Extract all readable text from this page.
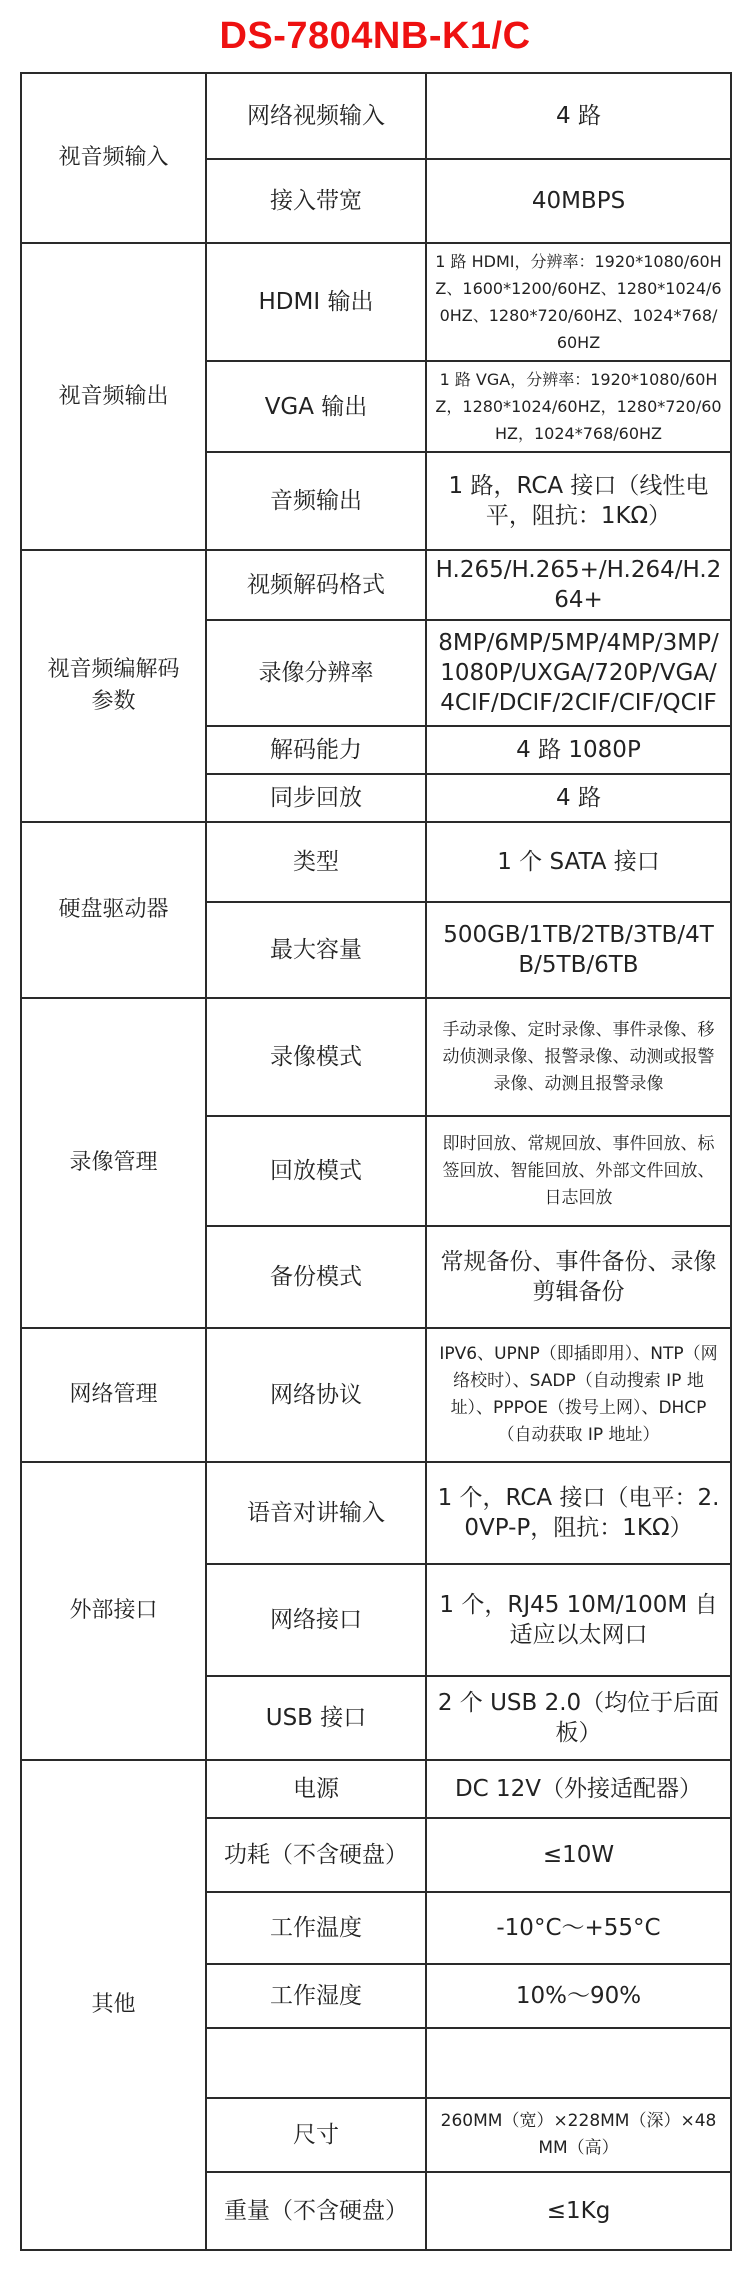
DS-7804NB-K1/C
视音频输入	网络视频输入	4 路
	接入带宽	40MBPS
视音频输出	HDMI 输出	1 路 HDMI，分辨率：1920*1080/60HZ、1600*1200/60HZ、1280*1024/60HZ、1280*720/60HZ、1024*768/60HZ
	VGA 输出	1 路 VGA，分辨率：1920*1080/60HZ，1280*1024/60HZ，1280*720/60HZ，1024*768/60HZ
	音频输出	1 路，RCA 接口（线性电平，阻抗：1KΩ）
视音频编解码参数	视频解码格式	H.265/H.265+/H.264/H.264+
	录像分辨率	8MP/6MP/5MP/4MP/3MP/1080P/UXGA/720P/VGA/4CIF/DCIF/2CIF/CIF/QCIF
	解码能力	4 路 1080P
	同步回放	4 路
硬盘驱动器	类型	1 个 SATA 接口
	最大容量	500GB/1TB/2TB/3TB/4TB/5TB/6TB
录像管理	录像模式	手动录像、定时录像、事件录像、移动侦测录像、报警录像、动测或报警录像、动测且报警录像
	回放模式	即时回放、常规回放、事件回放、标签回放、智能回放、外部文件回放、日志回放
	备份模式	常规备份、事件备份、录像剪辑备份
网络管理	网络协议	IPV6、UPNP（即插即用）、NTP（网络校时）、SADP（自动搜索 IP 地址）、PPPOE（拨号上网）、DHCP（自动获取 IP 地址）
外部接口	语音对讲输入	1 个，RCA 接口（电平：2.0VP-P，阻抗：1KΩ）
	网络接口	1 个，RJ45 10M/100M 自适应以太网口
	USB 接口	2 个 USB 2.0（均位于后面板）
其他	电源	DC 12V（外接适配器）
	功耗（不含硬盘）	≤10W
	工作温度	-10°C～+55°C
	工作湿度	10%～90%

	尺寸	260MM（宽）×228MM（深）×48MM（高）
	重量（不含硬盘）	≤1Kg
